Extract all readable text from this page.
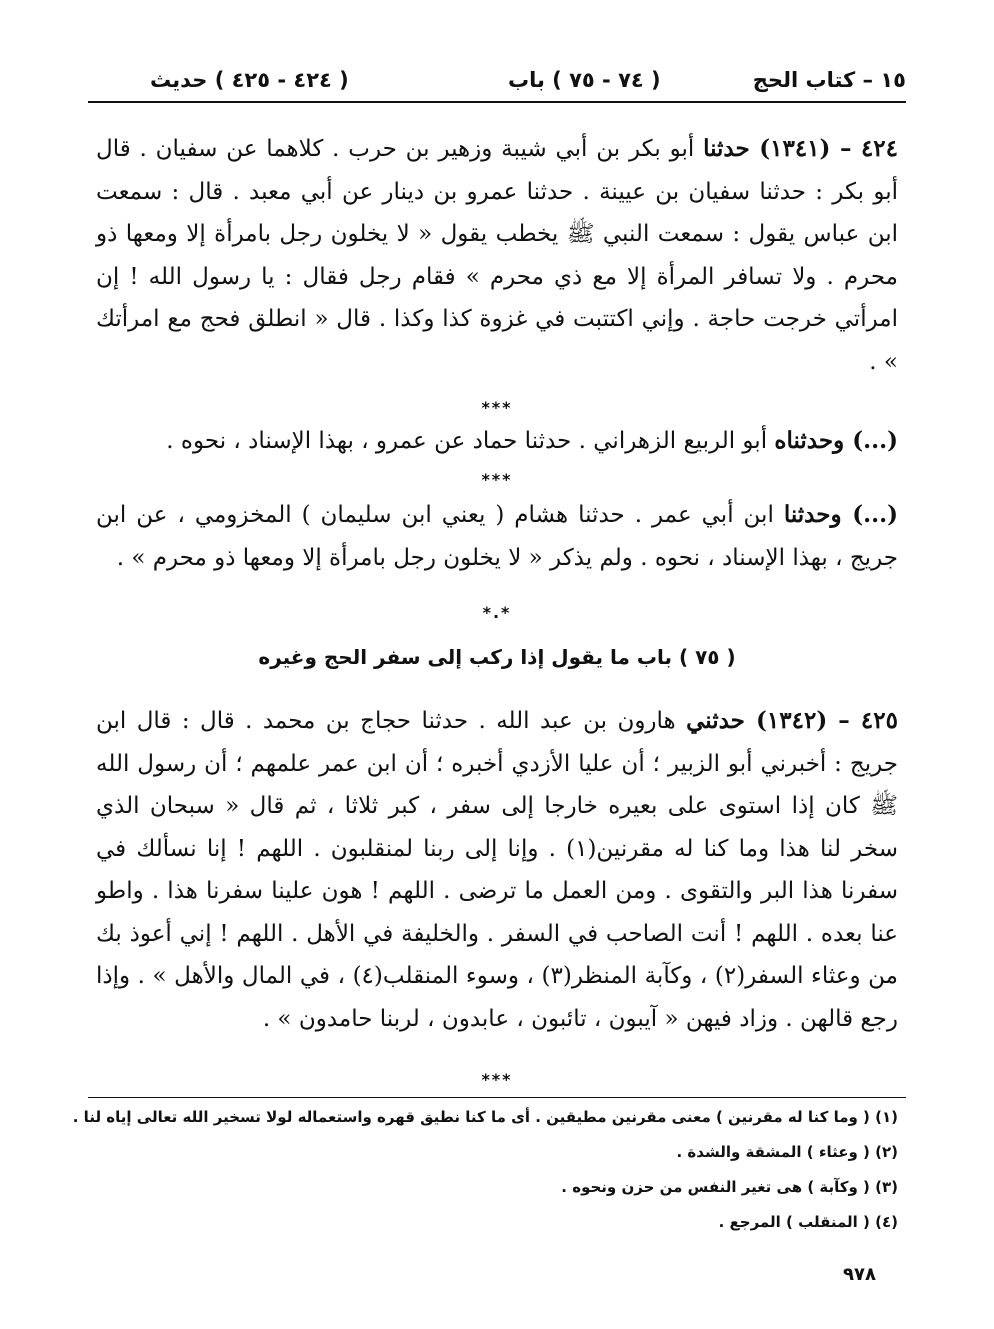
١٥ – كتاب الحج
( ٧٤ - ٧٥ ) باب
( ٤٢٤ - ٤٢٥ ) حديث
٤٢٤ – (١٣٤١) حدثنا أبو بكر بن أبي شيبة وزهير بن حرب . كلاهما عن سفيان . قال أبو بكر : حدثنا سفيان بن عيينة . حدثنا عمرو بن دينار عن أبي معبد . قال : سمعت ابن عباس يقول : سمعت النبي ﷺ يخطب يقول « لا يخلون رجل بامرأة إلا ومعها ذو محرم . ولا تسافر المرأة إلا مع ذي محرم » فقام رجل فقال : يا رسول الله ! إن امرأتي خرجت حاجة . وإني اكتتبت في غزوة كذا وكذا . قال « انطلق فحج مع امرأتك » .
***
(...) وحدثناه أبو الربيع الزهراني . حدثنا حماد عن عمرو ، بهذا الإسناد ، نحوه .
***
(...) وحدثنا ابن أبي عمر . حدثنا هشام ( يعني ابن سليمان ) المخزومي ، عن ابن جريج ، بهذا الإسناد ، نحوه . ولم يذكر « لا يخلون رجل بامرأة إلا ومعها ذو محرم » .
*.*
( ٧٥ ) باب ما يقول إذا ركب إلى سفر الحج وغيره
٤٢٥ – (١٣٤٢) حدثني هارون بن عبد الله . حدثنا حجاج بن محمد . قال : قال ابن جريج : أخبرني أبو الزبير ؛ أن عليا الأزدي أخبره ؛ أن ابن عمر علمهم ؛ أن رسول الله ﷺ كان إذا استوى على بعيره خارجا إلى سفر ، كبر ثلاثا ، ثم قال « سبحان الذي سخر لنا هذا وما كنا له مقرنين(١) . وإنا إلى ربنا لمنقلبون . اللهم ! إنا نسألك في سفرنا هذا البر والتقوى . ومن العمل ما ترضى . اللهم ! هون علينا سفرنا هذا . واطو عنا بعده . اللهم ! أنت الصاحب في السفر . والخليفة في الأهل . اللهم ! إني أعوذ بك من وعثاء السفر(٢) ، وكآبة المنظر(٣) ، وسوء المنقلب(٤) ، في المال والأهل » . وإذا رجع قالهن . وزاد فيهن « آيبون ، تائبون ، عابدون ، لربنا حامدون » .
***
(١) ( وما كنا له مقرنين ) معنى مقرنين مطيقين . أى ما كنا نطيق قهره واستعماله لولا تسخير الله تعالى إياه لنا .
(٢) ( وعثاء ) المشقة والشدة .
(٣) ( وكآبة ) هى تغير النفس من حزن ونحوه .
(٤) ( المنقلب ) المرجع .
٩٧٨
